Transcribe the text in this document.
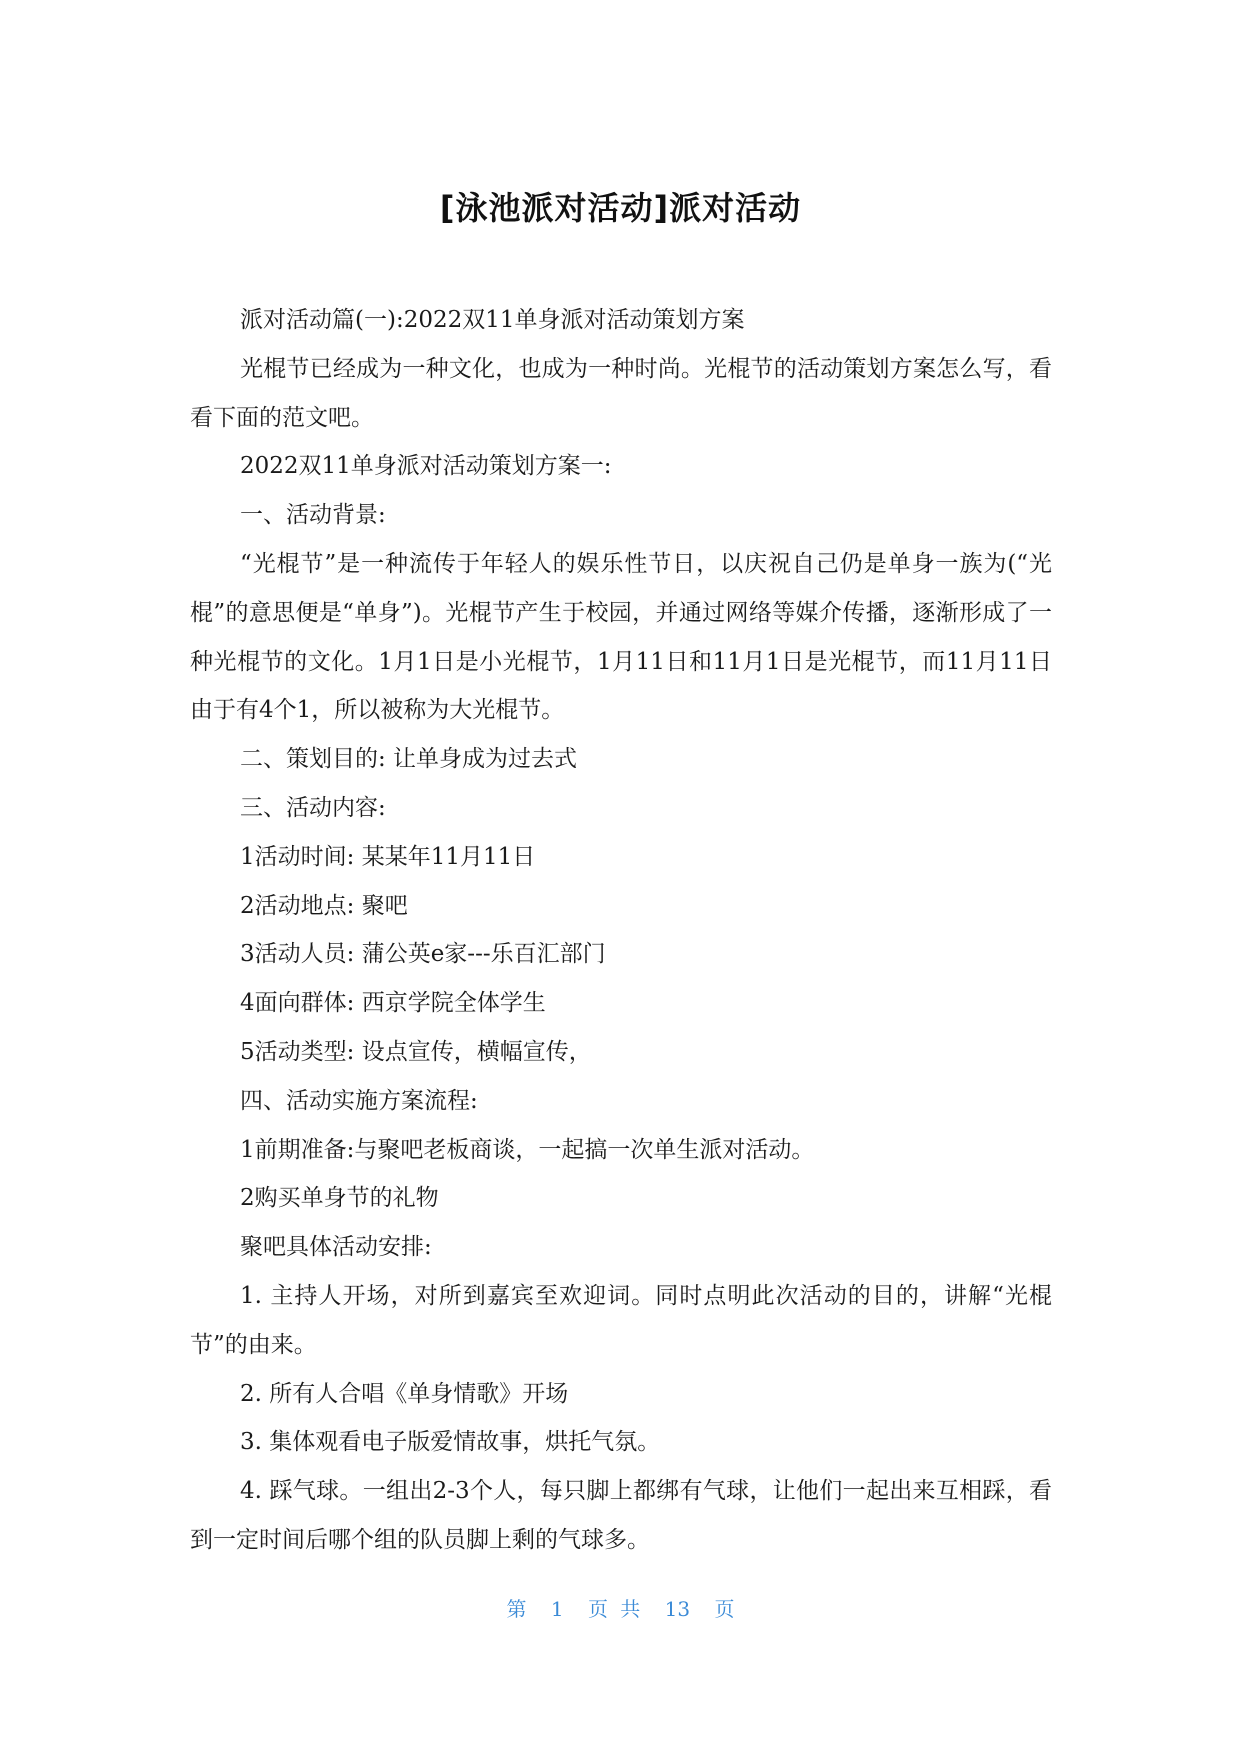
[泳池派对活动]派对活动

派对活动篇(一):2022双11单身派对活动策划方案

光棍节已经成为一种文化，也成为一种时尚。光棍节的活动策划方案怎么写，看看下面的范文吧。

2022双11单身派对活动策划方案一:

一、活动背景:

“光棍节”是一种流传于年轻人的娱乐性节日，以庆祝自己仍是单身一族为(“光棍”的意思便是“单身”)。光棍节产生于校园，并通过网络等媒介传播，逐渐形成了一种光棍节的文化。1月1日是小光棍节，1月11日和11月1日是光棍节，而11月11日由于有4个1，所以被称为大光棍节。

二、策划目的: 让单身成为过去式

三、活动内容:

1活动时间: 某某年11月11日

2活动地点: 聚吧

3活动人员: 蒲公英e家---乐百汇部门

4面向群体: 西京学院全体学生

5活动类型: 设点宣传，横幅宣传，

四、活动实施方案流程:

1前期准备:与聚吧老板商谈，一起搞一次单生派对活动。

2购买单身节的礼物

聚吧具体活动安排:

1. 主持人开场，对所到嘉宾至欢迎词。同时点明此次活动的目的，讲解“光棍节”的由来。

2. 所有人合唱《单身情歌》开场

3. 集体观看电子版爱情故事，烘托气氛。

4. 踩气球。一组出2-3个人，每只脚上都绑有气球，让他们一起出来互相踩，看到一定时间后哪个组的队员脚上剩的气球多。

第 1 页 共 13 页
